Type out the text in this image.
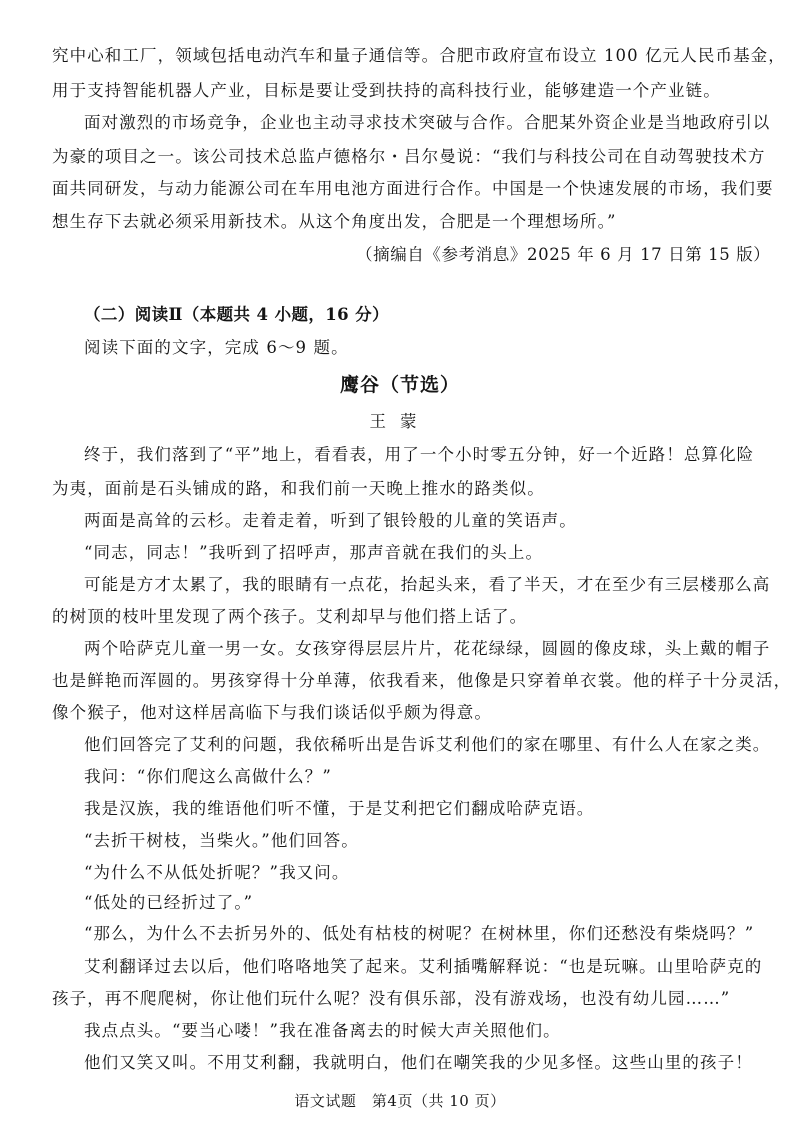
究中心和工厂，领域包括电动汽车和量子通信等。合肥市政府宣布设立 100 亿元人民币基金，
用于支持智能机器人产业，目标是要让受到扶持的高科技行业，能够建造一个产业链。
面对激烈的市场竞争，企业也主动寻求技术突破与合作。合肥某外资企业是当地政府引以
为豪的项目之一。该公司技术总监卢德格尔・吕尔曼说：“我们与科技公司在自动驾驶技术方
面共同研发，与动力能源公司在车用电池方面进行合作。中国是一个快速发展的市场，我们要
想生存下去就必须采用新技术。从这个角度出发，合肥是一个理想场所。”
（摘编自《参考消息》2025 年 6 月 17 日第 15 版）
（二）阅读Ⅱ（本题共 4 小题，16 分）
阅读下面的文字，完成 6～9 题。
鹰谷（节选）
王蒙
终于，我们落到了“平”地上，看看表，用了一个小时零五分钟，好一个近路！总算化险
为夷，面前是石头铺成的路，和我们前一天晚上推水的路类似。
两面是高耸的云杉。走着走着，听到了银铃般的儿童的笑语声。
“同志，同志！”我听到了招呼声，那声音就在我们的头上。
可能是方才太累了，我的眼睛有一点花，抬起头来，看了半天，才在至少有三层楼那么高
的树顶的枝叶里发现了两个孩子。艾利却早与他们搭上话了。
两个哈萨克儿童一男一女。女孩穿得层层片片，花花绿绿，圆圆的像皮球，头上戴的帽子
也是鲜艳而浑圆的。男孩穿得十分单薄，依我看来，他像是只穿着单衣裳。他的样子十分灵活，
像个猴子，他对这样居高临下与我们谈话似乎颇为得意。
他们回答完了艾利的问题，我依稀听出是告诉艾利他们的家在哪里、有什么人在家之类。
我问：“你们爬这么高做什么？”
我是汉族，我的维语他们听不懂，于是艾利把它们翻成哈萨克语。
“去折干树枝，当柴火。”他们回答。
“为什么不从低处折呢？”我又问。
“低处的已经折过了。”
“那么，为什么不去折另外的、低处有枯枝的树呢？在树林里，你们还愁没有柴烧吗？”
艾利翻译过去以后，他们咯咯地笑了起来。艾利插嘴解释说：“也是玩嘛。山里哈萨克的
孩子，再不爬爬树，你让他们玩什么呢？没有俱乐部，没有游戏场，也没有幼儿园……”
我点点头。“要当心喽！”我在准备离去的时候大声关照他们。
他们又笑又叫。不用艾利翻，我就明白，他们在嘲笑我的少见多怪。这些山里的孩子！
语文试题　第4页（共 10 页）
